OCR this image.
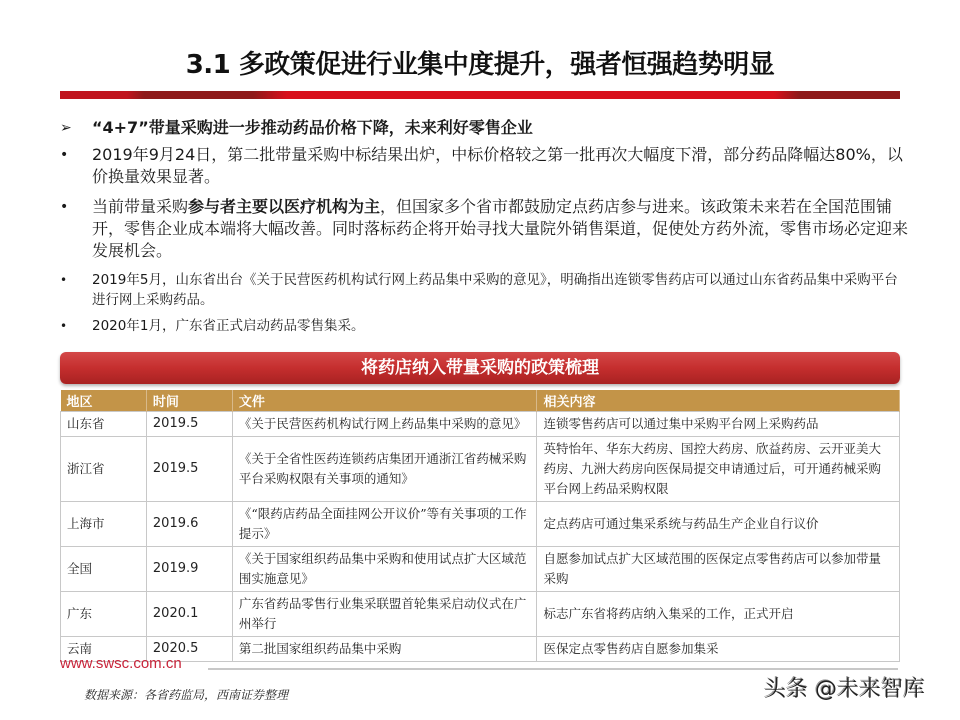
3.1 多政策促进行业集中度提升，强者恒强趋势明显
➢	“4+7”带量采购进一步推动药品价格下降，未来利好零售企业
•	2019年9月24日，第二批带量采购中标结果出炉，中标价格较之第一批再次大幅度下滑，部分药品降幅达80%，以价换量效果显著。
•	当前带量采购参与者主要以医疗机构为主，但国家多个省市都鼓励定点药店参与进来。该政策未来若在全国范围铺开，零售企业成本端将大幅改善。同时落标药企将开始寻找大量院外销售渠道，促使处方药外流，零售市场必定迎来发展机会。
•	2019年5月，山东省出台《关于民营医药机构试行网上药品集中采购的意见》，明确指出连锁零售药店可以通过山东省药品集中采购平台进行网上采购药品。
•	2020年1月，广东省正式启动药品零售集采。
将药店纳入带量采购的政策梳理
地区	时间	文件	相关内容
山东省	2019.5	《关于民营医药机构试行网上药品集中采购的意见》	连锁零售药店可以通过集中采购平台网上采购药品
浙江省	2019.5	《关于全省性医药连锁药店集团开通浙江省药械采购平台采购权限有关事项的通知》	英特怡年、华东大药房、国控大药房、欣益药房、云开亚美大药房、九洲大药房向医保局提交申请通过后，可开通药械采购平台网上药品采购权限
上海市	2019.6	《“限药店药品全面挂网公开议价”等有关事项的工作提示》	定点药店可通过集采系统与药品生产企业自行议价
全国	2019.9	《关于国家组织药品集中采购和使用试点扩大区域范围实施意见》	自愿参加试点扩大区域范围的医保定点零售药店可以参加带量采购
广东	2020.1	广东省药品零售行业集采联盟首轮集采启动仪式在广州举行	标志广东省将药店纳入集采的工作，正式开启
云南	2020.5	第二批国家组织药品集中采购	医保定点零售药店自愿参加集采
www.swsc.com.cn
数据来源：各省药监局，西南证券整理	头条 @未来智库
